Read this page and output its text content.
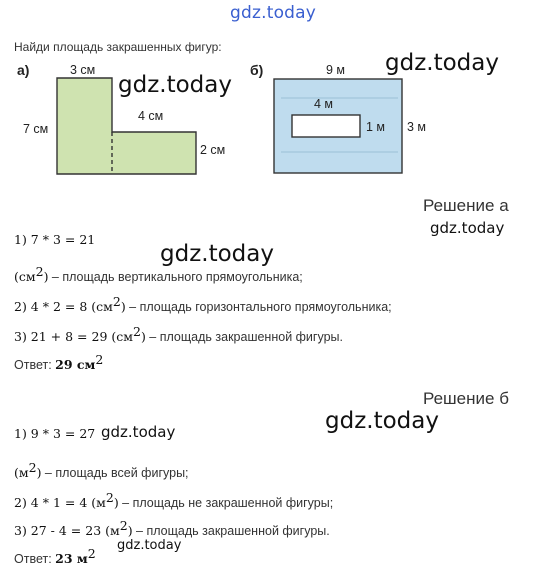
gdz.today
Найди площадь закрашенных фигур:
а)	3 см
7 см
4 см
2 см
gdz.today
б)	9 м
4 м
1 м 3 м
gdz.today
Решение а
gdz.today
1) 7 * 3 = 21
gdz.today
$(см^2)$ – площадь вертикального прямоугольника;
2) 4 * 2 = 8 $(см^2)$ – площадь горизонтального прямоугольника;
3) 21 + 8 = 29 $(см^2)$ – площадь закрашенной фигуры.
Ответ: 29 $см^2$
Решение б
gdz.today
1) 9 * 3 = 27 gdz.today
$(м^2)$ – площадь всей фигуры;
2) 4 * 1 = 4 $(м^2)$ – площадь не закрашенной фигуры;
3) 27 - 4 = 23 $(м^2)$ – площадь закрашенной фигуры.
gdz.today
Ответ: 23 $м^2$
